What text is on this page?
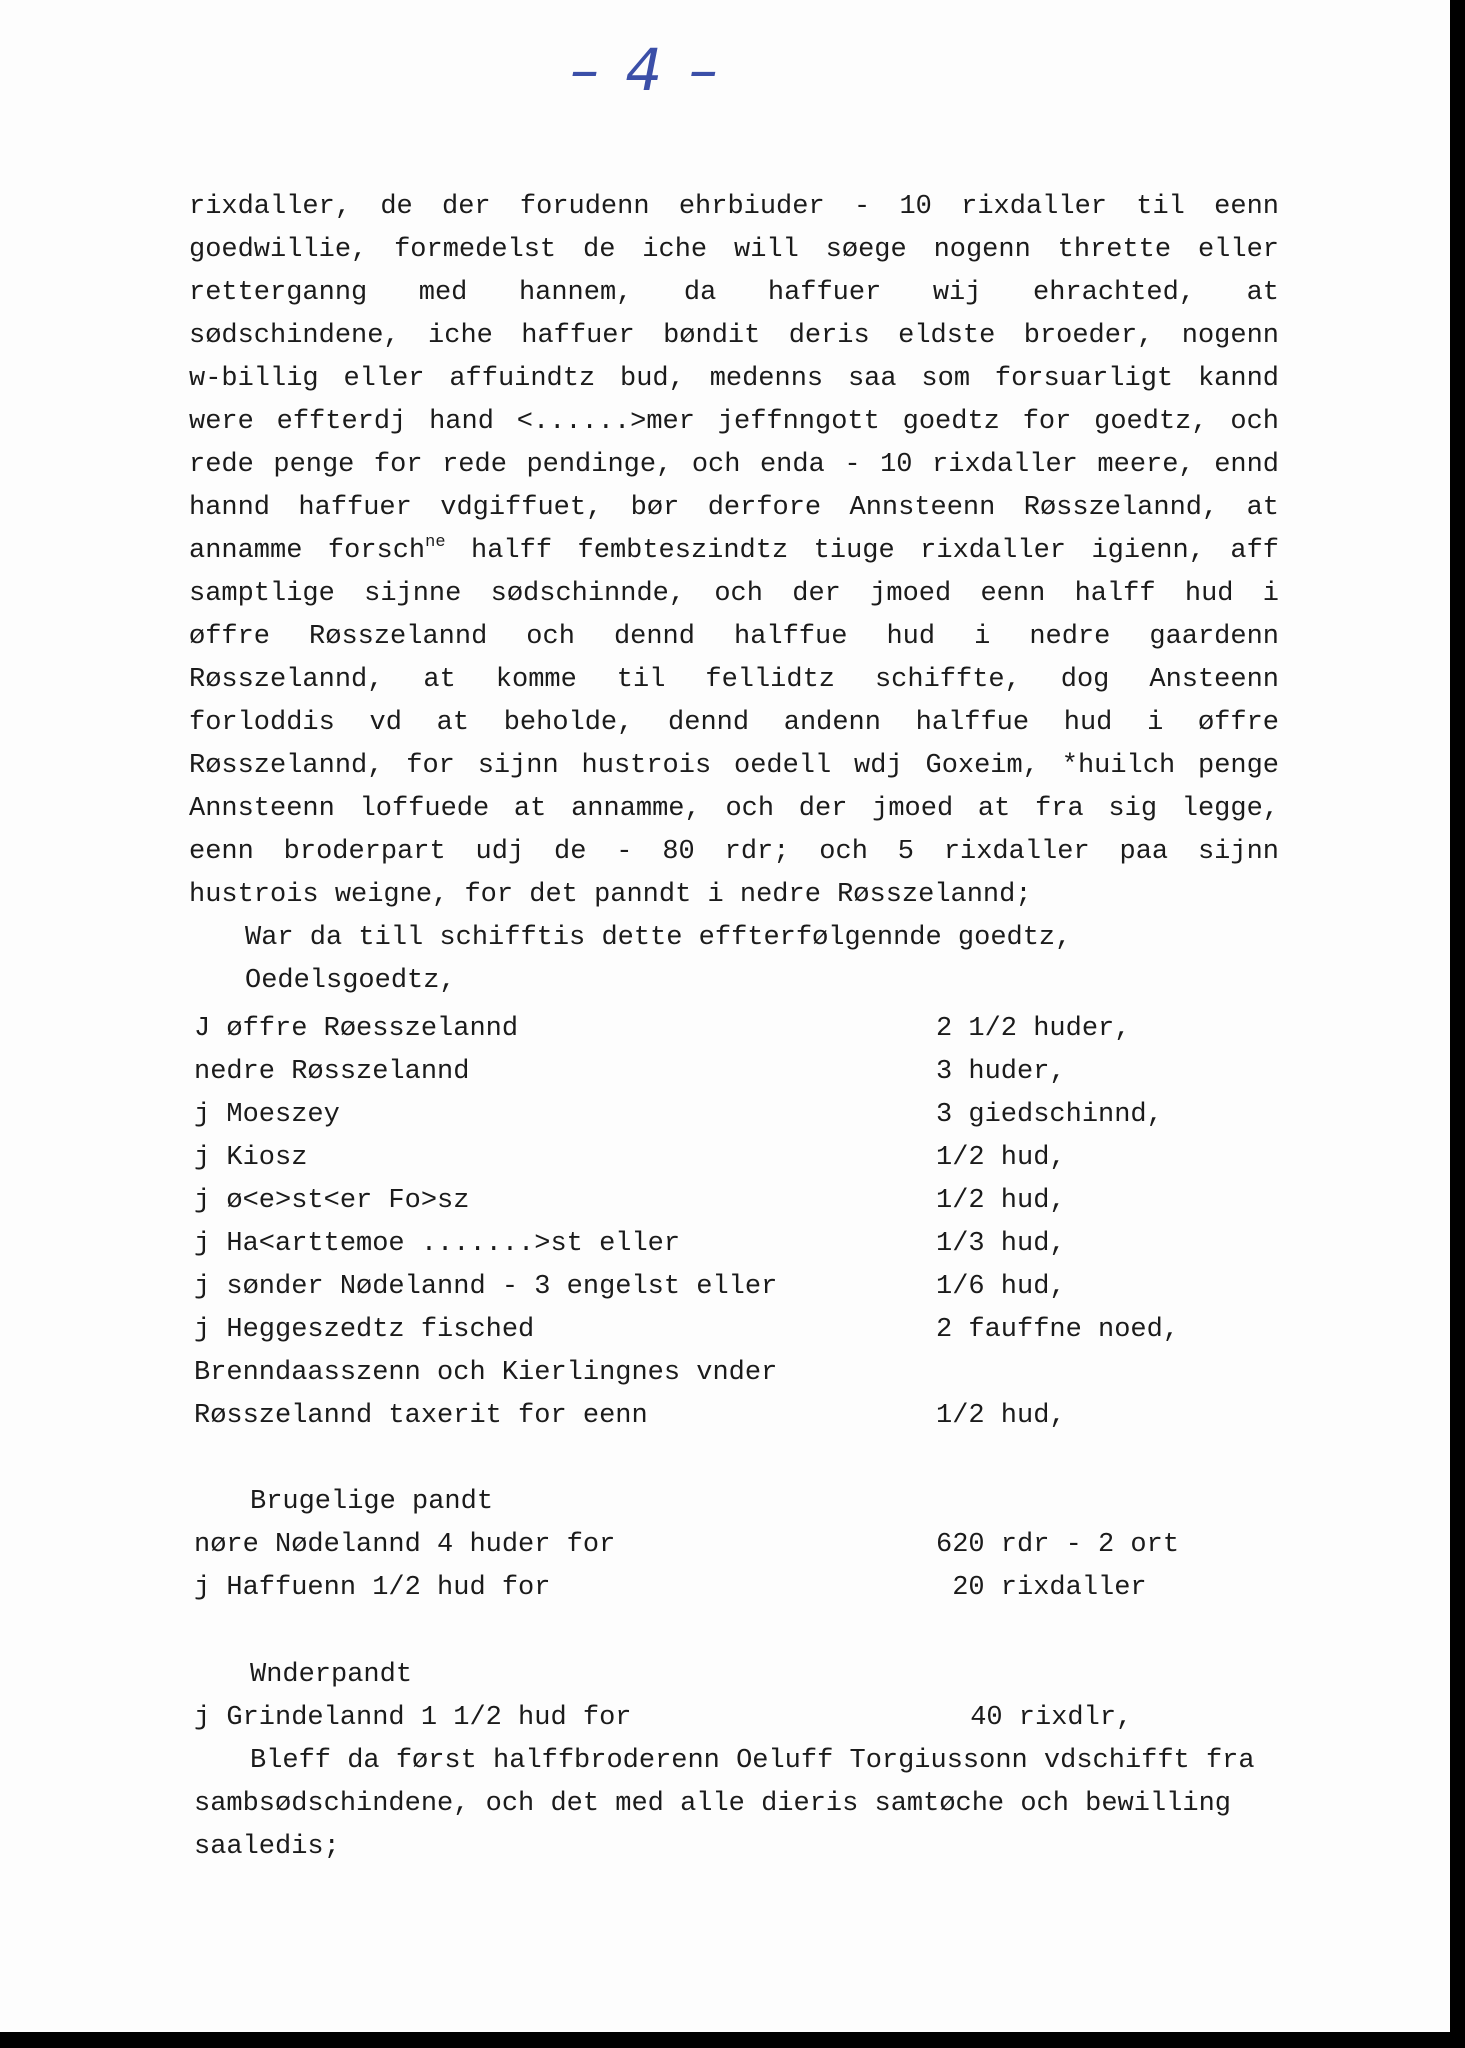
– 4 –
rixdaller, de der forudenn ehrbiuder - 10 rixdaller til eenn
goedwillie, formedelst de iche will søege nogenn thrette eller
retterganng med hannem, da haffuer wij ehrachted, at
sødschindene, iche haffuer bøndit deris eldste broeder, nogenn
w-billig eller affuindtz bud, medenns saa som forsuarligt kannd
were effterdj hand <......>mer jeffnngott goedtz for goedtz, och
rede penge for rede pendinge, och enda - 10 rixdaller meere, ennd
hannd haffuer vdgiffuet, bør derfore Annsteenn Røsszelannd, at
annamme forsch$^{ne}$ halff fembteszindtz tiuge rixdaller igienn, aff
samptlige sijnne sødschinnde, och der jmoed eenn halff hud i
øffre Røsszelannd och dennd halffue hud i nedre gaardenn
Røsszelannd, at komme til fellidtz schiffte, dog Ansteenn
forloddis vd at beholde, dennd andenn halffue hud i øffre
Røsszelannd, for sijnn hustrois oedell wdj Goxeim, *huilch penge
Annsteenn loffuede at annamme, och der jmoed at fra sig legge,
eenn broderpart udj de - 80 rdr; och 5 rixdaller paa sijnn
hustrois weigne, for det panndt i nedre Røsszelannd;
War da till schifftis dette effterfølgennde goedtz,
Oedelsgoedtz,
J øffre Røesszelannd	2 1/2 huder,
nedre Røsszelannd	3 huder,
j Moeszey	3 giedschinnd,
j Kiosz	1/2 hud,
j ø<e>st<er Fo>sz	1/2 hud,
j Ha<arttemoe .......>st eller	1/3 hud,
j sønder Nødelannd - 3 engelst eller	1/6 hud,
j Heggeszedtz fisched	2 fauffne noed,
Brenndaasszenn och Kierlingnes vnder
Røsszelannd taxerit for eenn	1/2 hud,
Brugelige pandt
nøre Nødelannd 4 huder for	620 rdr - 2 ort
j Haffuenn 1/2 hud for	20 rixdaller
Wnderpandt
j Grindelannd 1 1/2 hud for	40 rixdlr,
Bleff da først halffbroderenn Oeluff Torgiussonn vdschifft fra
sambsødschindene, och det med alle dieris samtøche och bewilling
saaledis;
